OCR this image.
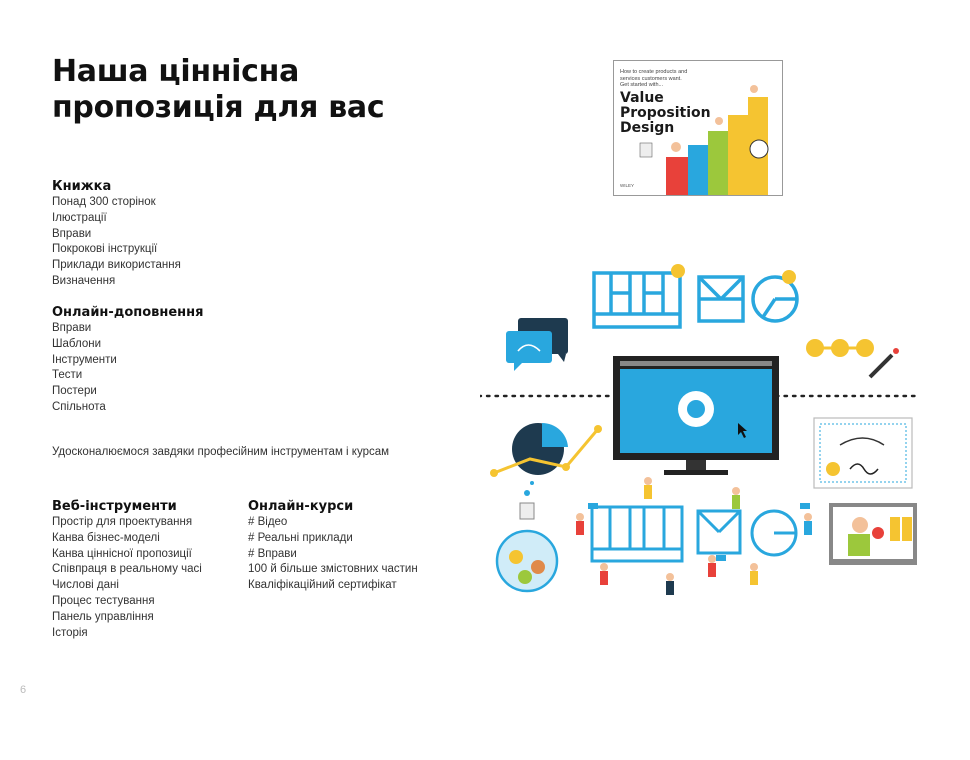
Наша ціннісна
пропозиція для вас
How to create products and services customers want. Get started with...
Value
Proposition
Design
WILEY
Книжка
Понад 300 сторінок
Ілюстрації
Вправи
Покрокові інструкції
Приклади використання
Визначення
Онлайн-доповнення
Вправи
Шаблони
Інструменти
Тести
Постери
Спільнота
Удосконалюємося завдяки професійним інструментам і курсам
Веб-інструменти
Простір для проектування
Канва бізнес-моделі
Канва ціннісної пропозиції
Співпраця в реальному часі
Числові дані
Процес тестування
Панель управління
Історія
Онлайн-курси
# Відео
# Реальні приклади
# Вправи
100 й більше змістовних частин
Кваліфікаційний сертифікат
6
